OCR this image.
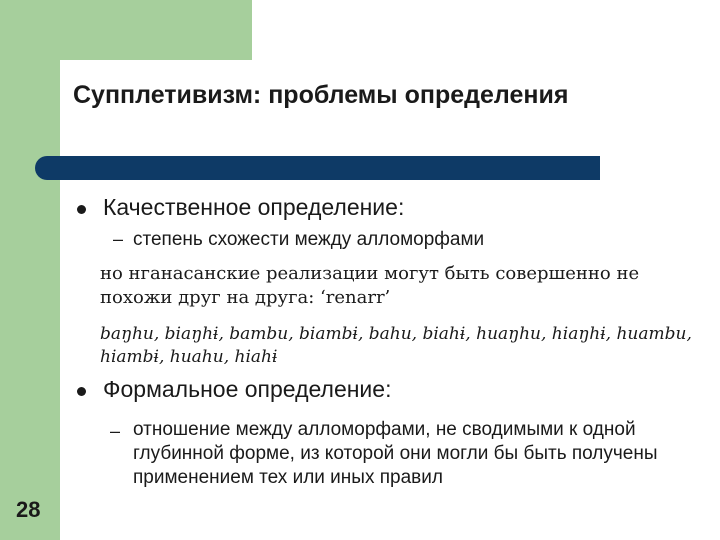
Супплетивизм: проблемы определения
Качественное определение:
– степень схожести между алломорфами
но нганасанские реализации могут быть совершенно не похожи друг на друга: ‘renarr’
baŋhu, biaŋhɨ, bambu, biambɨ, bahu, biahɨ, huaŋhu, hiaŋhɨ, huambu, hiambɨ, huahu, hiahɨ
Формальное определение:
– отношение между алломорфами, не сводимыми к одной глубинной форме, из которой они могли бы быть получены применением тех или иных правил
28
